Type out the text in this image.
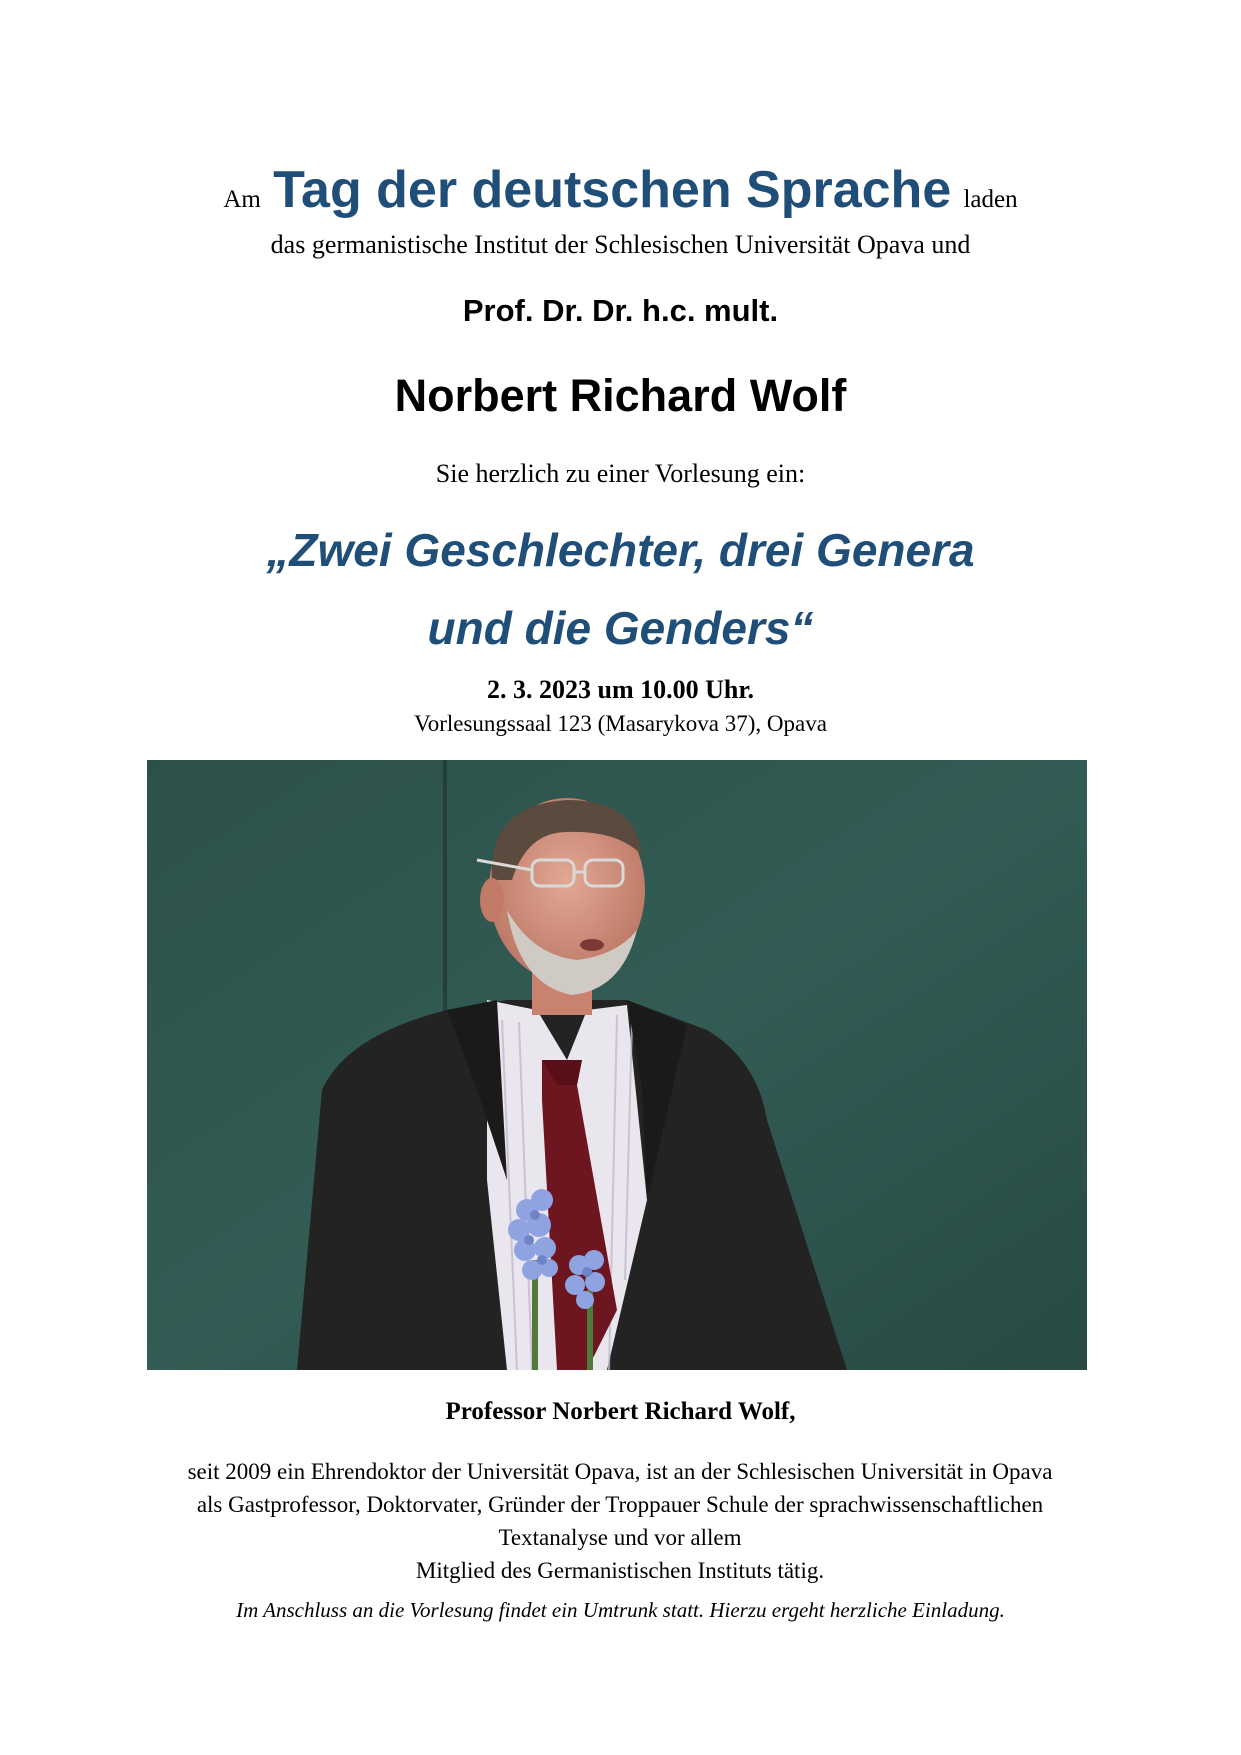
Am Tag der deutschen Sprache laden
das germanistische Institut der Schlesischen Universität Opava und
Prof. Dr. Dr. h.c. mult.
Norbert Richard Wolf
Sie herzlich zu einer Vorlesung ein:
„Zwei Geschlechter, drei Genera
und die Genders“
2. 3. 2023 um 10.00 Uhr.
Vorlesungssaal 123 (Masarykova 37), Opava
Professor Norbert Richard Wolf,
seit 2009 ein Ehrendoktor der Universität Opava, ist an der Schlesischen Universität in Opava
als Gastprofessor, Doktorvater, Gründer der Troppauer Schule der sprachwissenschaftlichen
Textanalyse und vor allem
Mitglied des Germanistischen Instituts tätig.
Im Anschluss an die Vorlesung findet ein Umtrunk statt. Hierzu ergeht herzliche Einladung.
